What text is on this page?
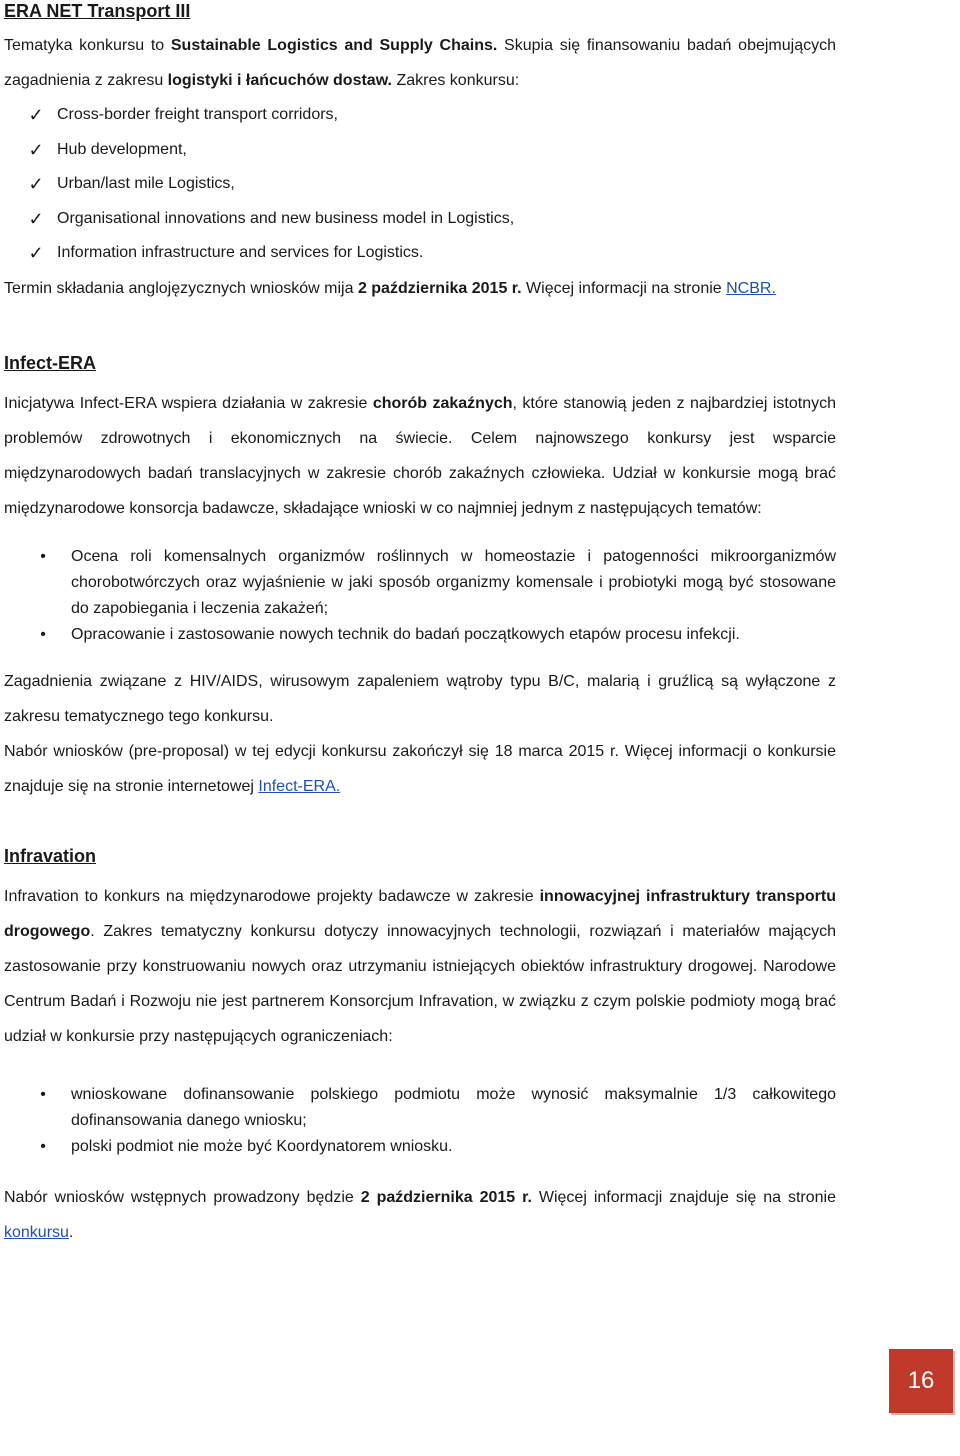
ERA NET Transport III

Tematyka konkursu to Sustainable Logistics and Supply Chains. Skupia się finansowaniu badań obejmujących zagadnienia z zakresu logistyki i łańcuchów dostaw. Zakres konkursu:

✓ Cross-border freight transport corridors,
✓ Hub development,
✓ Urban/last mile Logistics,
✓ Organisational innovations and new business model in Logistics,
✓ Information infrastructure and services for Logistics.

Termin składania anglojęzycznych wniosków mija 2 października 2015 r. Więcej informacji na stronie NCBR.

Infect-ERA

Inicjatywa Infect-ERA wspiera działania w zakresie chorób zakaźnych, które stanowią jeden z najbardziej istotnych problemów zdrowotnych i ekonomicznych na świecie. Celem najnowszego konkursy jest wsparcie międzynarodowych badań translacyjnych w zakresie chorób zakaźnych człowieka. Udział w konkursie mogą brać międzynarodowe konsorcja badawcze, składające wnioski w co najmniej jednym z następujących tematów:

• Ocena roli komensalnych organizmów roślinnych w homeostazie i patogenności mikroorganizmów chorobotwórczych oraz wyjaśnienie w jaki sposób organizmy komensale i probiotyki mogą być stosowane do zapobiegania i leczenia zakażeń;
• Opracowanie i zastosowanie nowych technik do badań początkowych etapów procesu infekcji.

Zagadnienia związane z HIV/AIDS, wirusowym zapaleniem wątroby typu B/C, malarią i gruźlicą są wyłączone z zakresu tematycznego tego konkursu.

Nabór wniosków (pre-proposal) w tej edycji konkursu zakończył się 18 marca 2015 r. Więcej informacji o konkursie znajduje się na stronie internetowej Infect-ERA.

Infravation

Infravation to konkurs na międzynarodowe projekty badawcze w zakresie innowacyjnej infrastruktury transportu drogowego. Zakres tematyczny konkursu dotyczy innowacyjnych technologii, rozwiązań i materiałów mających zastosowanie przy konstruowaniu nowych oraz utrzymaniu istniejących obiektów infrastruktury drogowej. Narodowe Centrum Badań i Rozwoju nie jest partnerem Konsorcjum Infravation, w związku z czym polskie podmioty mogą brać udział w konkursie przy następujących ograniczeniach:

• wnioskowane dofinansowanie polskiego podmiotu może wynosić maksymalnie 1/3 całkowitego dofinansowania danego wniosku;
• polski podmiot nie może być Koordynatorem wniosku.

Nabór wniosków wstępnych prowadzony będzie 2 października 2015 r. Więcej informacji znajduje się na stronie konkursu.

16
